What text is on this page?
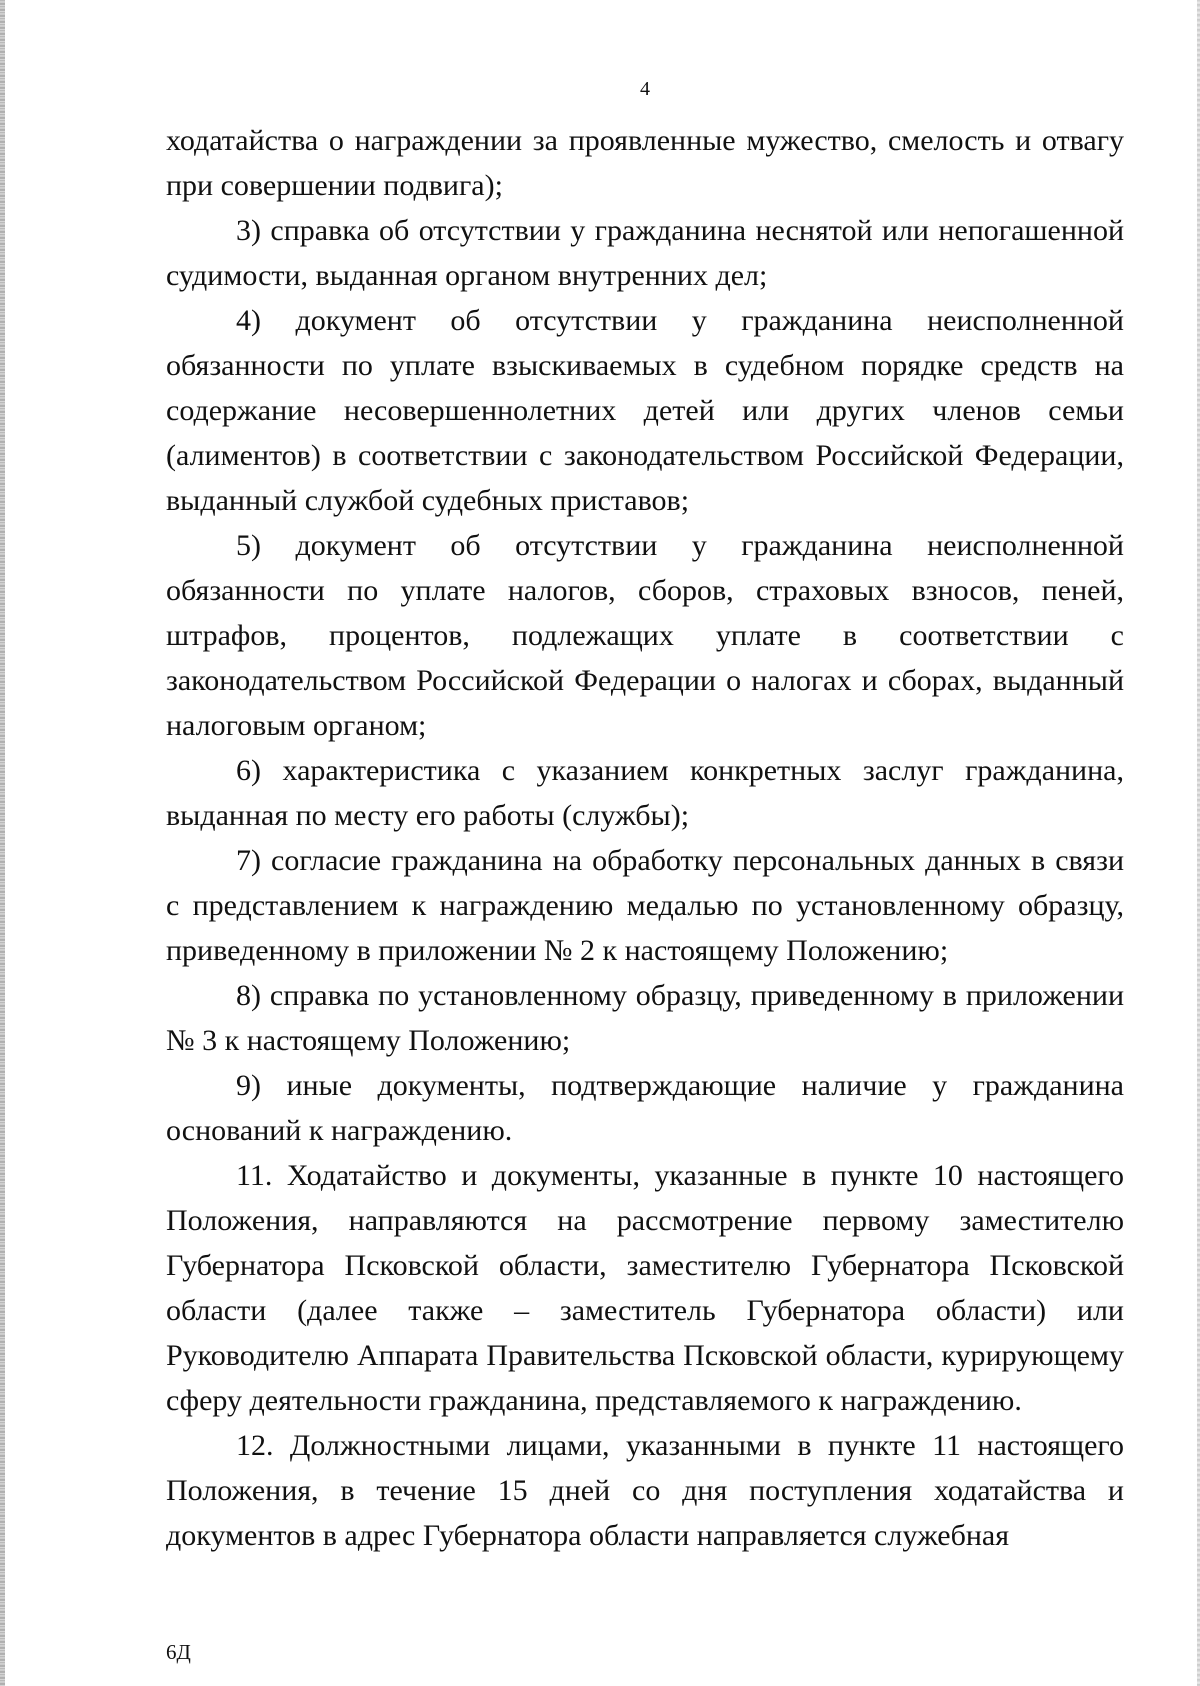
4

ходатайства о награждении за проявленные мужество, смелость и отвагу при совершении подвига);

3) справка об отсутствии у гражданина неснятой или непогашенной судимости, выданная органом внутренних дел;

4) документ об отсутствии у гражданина неисполненной обязанности по уплате взыскиваемых в судебном порядке средств на содержание несовершеннолетних детей или других членов семьи (алиментов) в соответствии с законодательством Российской Федерации, выданный службой судебных приставов;

5) документ об отсутствии у гражданина неисполненной обязанности по уплате налогов, сборов, страховых взносов, пеней, штрафов, процентов, подлежащих уплате в соответствии с законодательством Российской Федерации о налогах и сборах, выданный налоговым органом;

6) характеристика с указанием конкретных заслуг гражданина, выданная по месту его работы (службы);

7) согласие гражданина на обработку персональных данных в связи с представлением к награждению медалью по установленному образцу, приведенному в приложении № 2 к настоящему Положению;

8) справка по установленному образцу, приведенному в приложении № 3 к настоящему Положению;

9) иные документы, подтверждающие наличие у гражданина оснований к награждению.

11. Ходатайство и документы, указанные в пункте 10 настоящего Положения, направляются на рассмотрение первому заместителю Губернатора Псковской области, заместителю Губернатора Псковской области (далее также – заместитель Губернатора области) или Руководителю Аппарата Правительства Псковской области, курирующему сферу деятельности гражданина, представляемого к награждению.

12. Должностными лицами, указанными в пункте 11 настоящего Положения, в течение 15 дней со дня поступления ходатайства и документов в адрес Губернатора области направляется служебная

6Д
